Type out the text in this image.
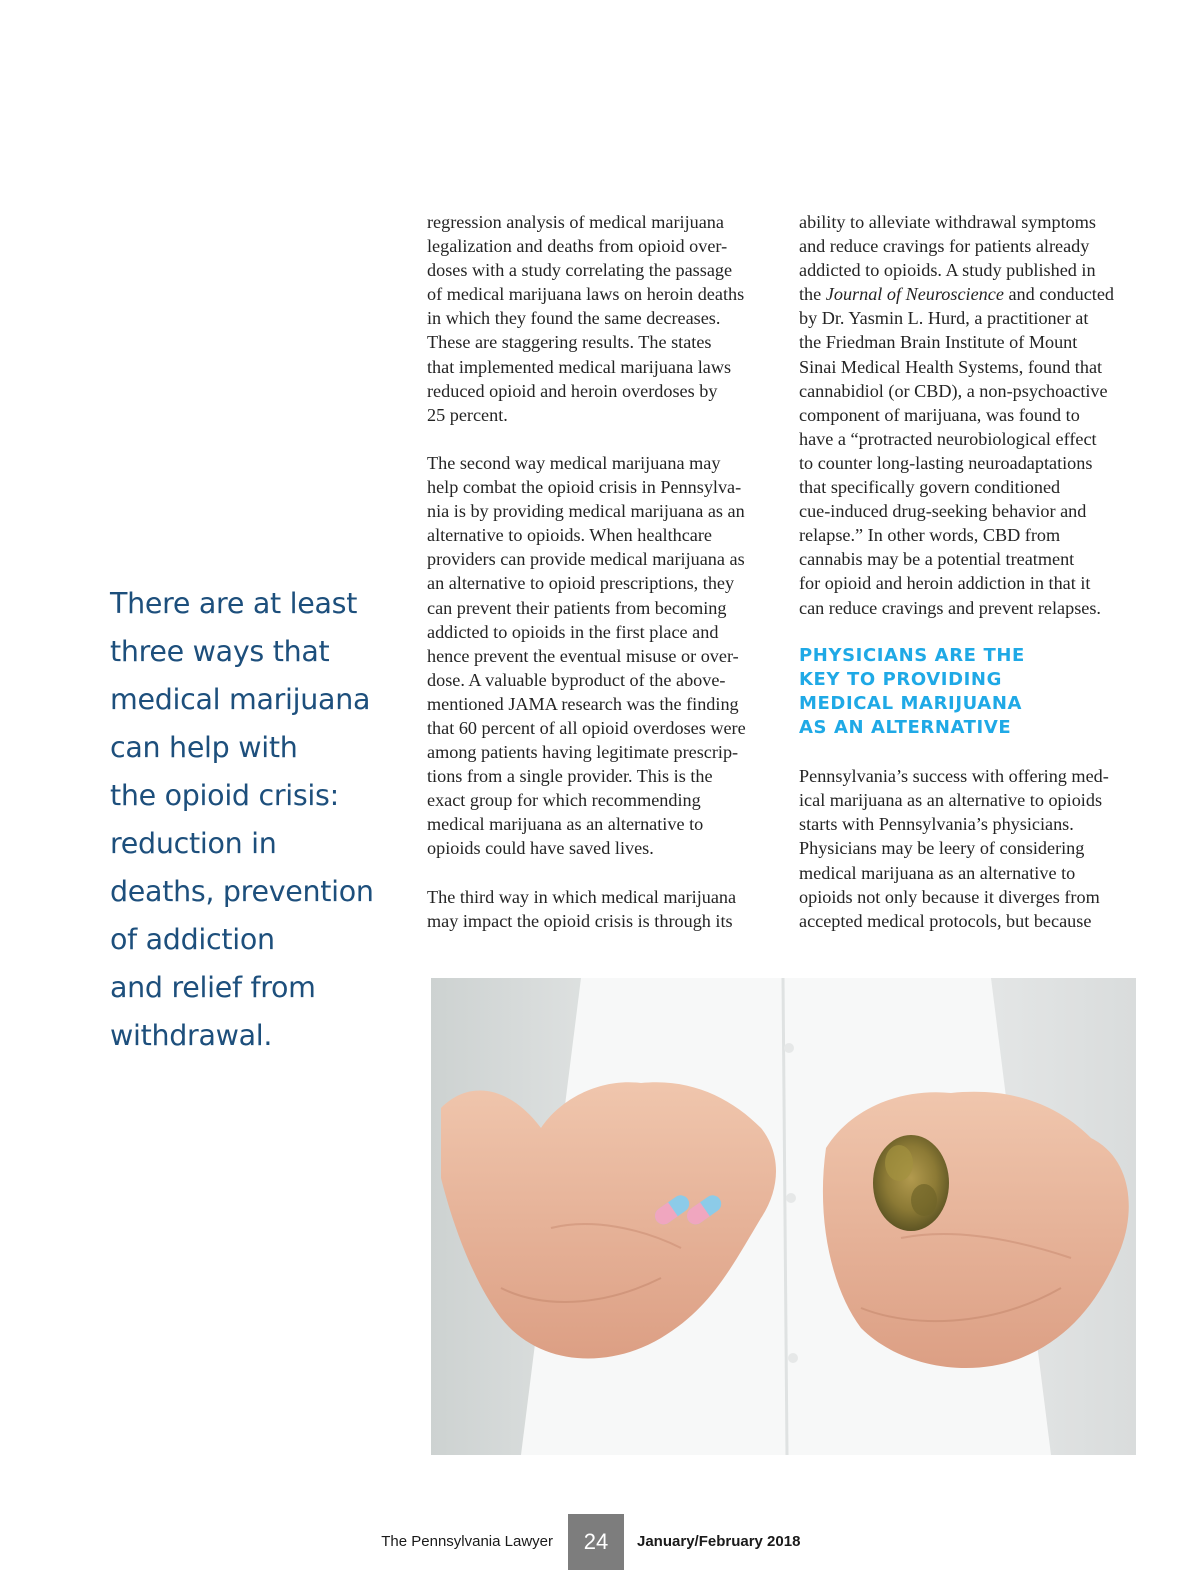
There are at least
three ways that
medical marijuana
can help with
the opioid crisis:
reduction in
deaths, prevention
of addiction
and relief from
withdrawal.

regression analysis of medical marijuana
legalization and deaths from opioid over-
doses with a study correlating the passage
of medical marijuana laws on heroin deaths
in which they found the same decreases.
These are staggering results. The states
that implemented medical marijuana laws
reduced opioid and heroin overdoses by
25 percent.

The second way medical marijuana may
help combat the opioid crisis in Pennsylva-
nia is by providing medical marijuana as an
alternative to opioids. When healthcare
providers can provide medical marijuana as
an alternative to opioid prescriptions, they
can prevent their patients from becoming
addicted to opioids in the first place and
hence prevent the eventual misuse or over-
dose. A valuable byproduct of the above-
mentioned JAMA research was the finding
that 60 percent of all opioid overdoses were
among patients having legitimate prescrip-
tions from a single provider. This is the
exact group for which recommending
medical marijuana as an alternative to
opioids could have saved lives.

The third way in which medical marijuana
may impact the opioid crisis is through its

ability to alleviate withdrawal symptoms
and reduce cravings for patients already
addicted to opioids. A study published in
the Journal of Neuroscience and conducted
by Dr. Yasmin L. Hurd, a practitioner at
the Friedman Brain Institute of Mount
Sinai Medical Health Systems, found that
cannabidiol (or CBD), a non-psychoactive
component of marijuana, was found to
have a “protracted neurobiological effect
to counter long-lasting neuroadaptations
that specifically govern conditioned
cue-induced drug-seeking behavior and
relapse.” In other words, CBD from
cannabis may be a potential treatment
for opioid and heroin addiction in that it
can reduce cravings and prevent relapses.

PHYSICIANS ARE THE
KEY TO PROVIDING
MEDICAL MARIJUANA
AS AN ALTERNATIVE

Pennsylvania’s success with offering med-
ical marijuana as an alternative to opioids
starts with Pennsylvania’s physicians.
Physicians may be leery of considering
medical marijuana as an alternative to
opioids not only because it diverges from
accepted medical protocols, but because

The Pennsylvania Lawyer	24	January/February 2018
